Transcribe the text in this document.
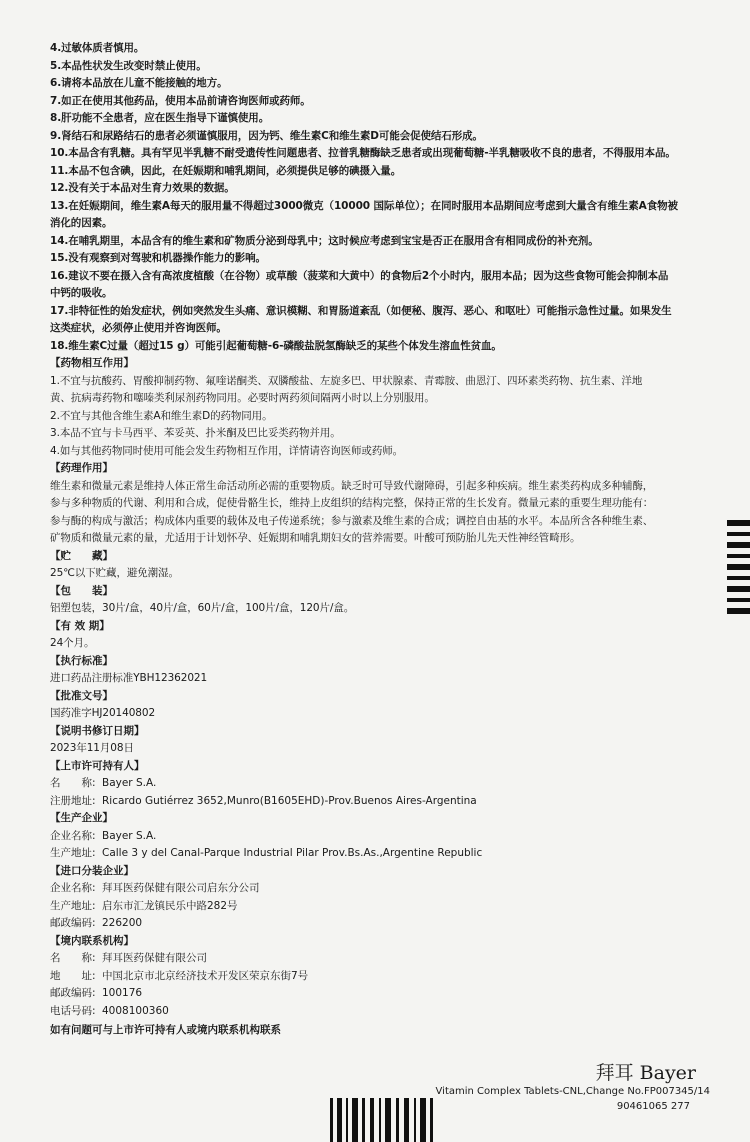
4.过敏体质者慎用。
5.本品性状发生改变时禁止使用。
6.请将本品放在儿童不能接触的地方。
7.如正在使用其他药品，使用本品前请咨询医师或药师。
8.肝功能不全患者，应在医生指导下谨慎使用。
9.肾结石和尿路结石的患者必须谨慎服用，因为钙、维生素C和维生素D可能会促使结石形成。
10.本品含有乳糖。具有罕见半乳糖不耐受遗传性问题患者、拉普乳糖酶缺乏患者或出现葡萄糖-半乳糖吸收不良的患者，不得服用本品。
11.本品不包含碘，因此，在妊娠期和哺乳期间，必须提供足够的碘摄入量。
12.没有关于本品对生育力效果的数据。
13.在妊娠期间，维生素A每天的服用量不得超过3000微克（10000 国际单位）；在同时服用本品期间应考虑到大量含有维生素A食物被
消化的因素。
14.在哺乳期里，本品含有的维生素和矿物质分泌到母乳中；这时候应考虑到宝宝是否正在服用含有相同成份的补充剂。
15.没有观察到对驾驶和机器操作能力的影响。
16.建议不要在摄入含有高浓度植酸（在谷物）或草酸（菠菜和大黄中）的食物后2个小时内，服用本品；因为这些食物可能会抑制本品
中钙的吸收。
17.非特征性的始发症状，例如突然发生头痛、意识模糊、和胃肠道紊乱（如便秘、腹泻、恶心、和呕吐）可能指示急性过量。如果发生
这类症状，必须停止使用并咨询医师。
18.维生素C过量（超过15 g）可能引起葡萄糖-6-磷酸盐脱氢酶缺乏的某些个体发生溶血性贫血。
【药物相互作用】
1.不宜与抗酸药、胃酸抑制药物、氟喹诺酮类、双膦酸盐、左旋多巴、甲状腺素、青霉胺、曲恩汀、四环素类药物、抗生素、洋地
黄、抗病毒药物和噻嗪类利尿剂药物同用。必要时两药须间隔两小时以上分别服用。
2.不宜与其他含维生素A和维生素D的药物同用。
3.本品不宜与卡马西平、苯妥英、扑米酮及巴比妥类药物并用。
4.如与其他药物同时使用可能会发生药物相互作用，详情请咨询医师或药师。
【药理作用】
维生素和微量元素是维持人体正常生命活动所必需的重要物质。缺乏时可导致代谢障碍，引起多种疾病。维生素类药构成多种辅酶，
参与多种物质的代谢、利用和合成，促使骨骼生长，维持上皮组织的结构完整，保持正常的生长发育。微量元素的重要生理功能有：
参与酶的构成与激活；构成体内重要的载体及电子传递系统；参与激素及维生素的合成；调控自由基的水平。本品所含各种维生素、
矿物质和微量元素的量，尤适用于计划怀孕、妊娠期和哺乳期妇女的营养需要。叶酸可预防胎儿先天性神经管畸形。
【贮　　藏】
25℃以下贮藏，避免潮湿。
【包　　装】
铝塑包装，30片/盒，40片/盒，60片/盒，100片/盒，120片/盒。
【有 效 期】
24个月。
【执行标准】
进口药品注册标准YBH12362021
【批准文号】
国药准字HJ20140802
【说明书修订日期】
2023年11月08日
【上市许可持有人】
名　　称: Bayer S.A.
注册地址: Ricardo Gutiérrez 3652,Munro(B1605EHD)-Prov.Buenos Aires-Argentina
【生产企业】
企业名称: Bayer S.A.
生产地址: Calle 3 y del Canal-Parque Industrial Pilar Prov.Bs.As.,Argentine Republic
【进口分装企业】
企业名称: 拜耳医药保健有限公司启东分公司
生产地址: 启东市汇龙镇民乐中路282号
邮政编码: 226200
【境内联系机构】
名　　称: 拜耳医药保健有限公司
地　　址: 中国北京市北京经济技术开发区荣京东街7号
邮政编码: 100176
电话号码: 4008100360
如有问题可与上市许可持有人或境内联系机构联系
拜耳 Bayer
Vitamin Complex Tablets-CNL,Change No.FP007345/14
90461065 277
